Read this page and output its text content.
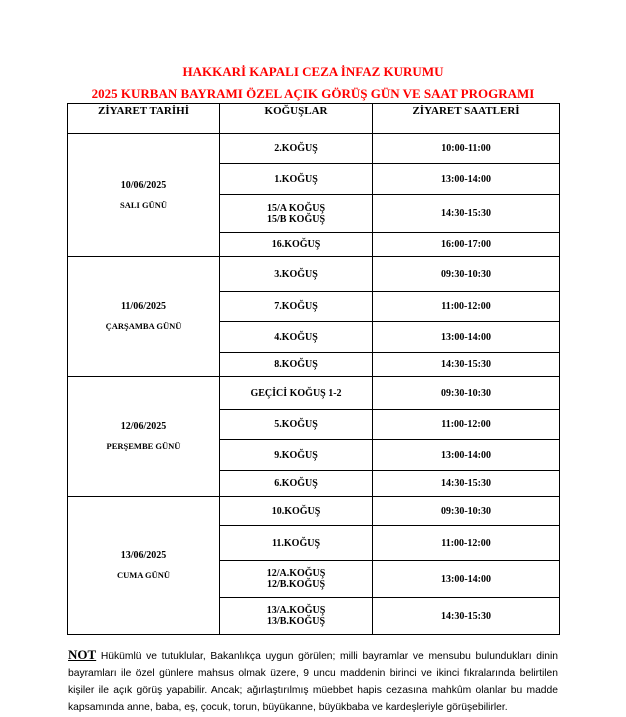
HAKKARİ KAPALI CEZA İNFAZ KURUMU
2025 KURBAN BAYRAMI ÖZEL AÇIK GÖRÜŞ GÜN VE SAAT PROGRAMI
ZİYARET TARİHİ	KOĞUŞLAR	ZİYARET SAATLERİ

10/06/2025
SALI GÜNÜ	2.KOĞUŞ	10:00-11:00

	1.KOĞUŞ	13:00-14:00

	15/A KOĞUŞ
15/B KOĞUŞ	14:30-15:30

	16.KOĞUŞ	16:00-17:00

11/06/2025
ÇARŞAMBA GÜNÜ	3.KOĞUŞ	09:30-10:30

	7.KOĞUŞ	11:00-12:00

	4.KOĞUŞ	13:00-14:00

	8.KOĞUŞ	14:30-15:30

12/06/2025
PERŞEMBE GÜNÜ	GEÇİCİ KOĞUŞ 1-2	09:30-10:30

	5.KOĞUŞ	11:00-12:00

	9.KOĞUŞ	13:00-14:00

	6.KOĞUŞ	14:30-15:30

13/06/2025
CUMA GÜNÜ	10.KOĞUŞ	09:30-10:30

	11.KOĞUŞ	11:00-12:00

	12/A.KOĞUŞ
12/B.KOĞUŞ	13:00-14:00

	13/A.KOĞUŞ
13/B.KOĞUŞ	14:30-15:30
NOT Hükümlü ve tutuklular, Bakanlıkça uygun görülen; milli bayramlar ve mensubu bulundukları dinin bayramları ile özel günlere mahsus olmak üzere, 9 uncu maddenin birinci ve ikinci fıkralarında belirtilen kişiler ile açık görüş yapabilir. Ancak; ağırlaştırılmış müebbet hapis cezasına mahkûm olanlar bu madde kapsamında anne, baba, eş, çocuk, torun, büyükanne, büyükbaba ve kardeşleriyle görüşebilirler.
